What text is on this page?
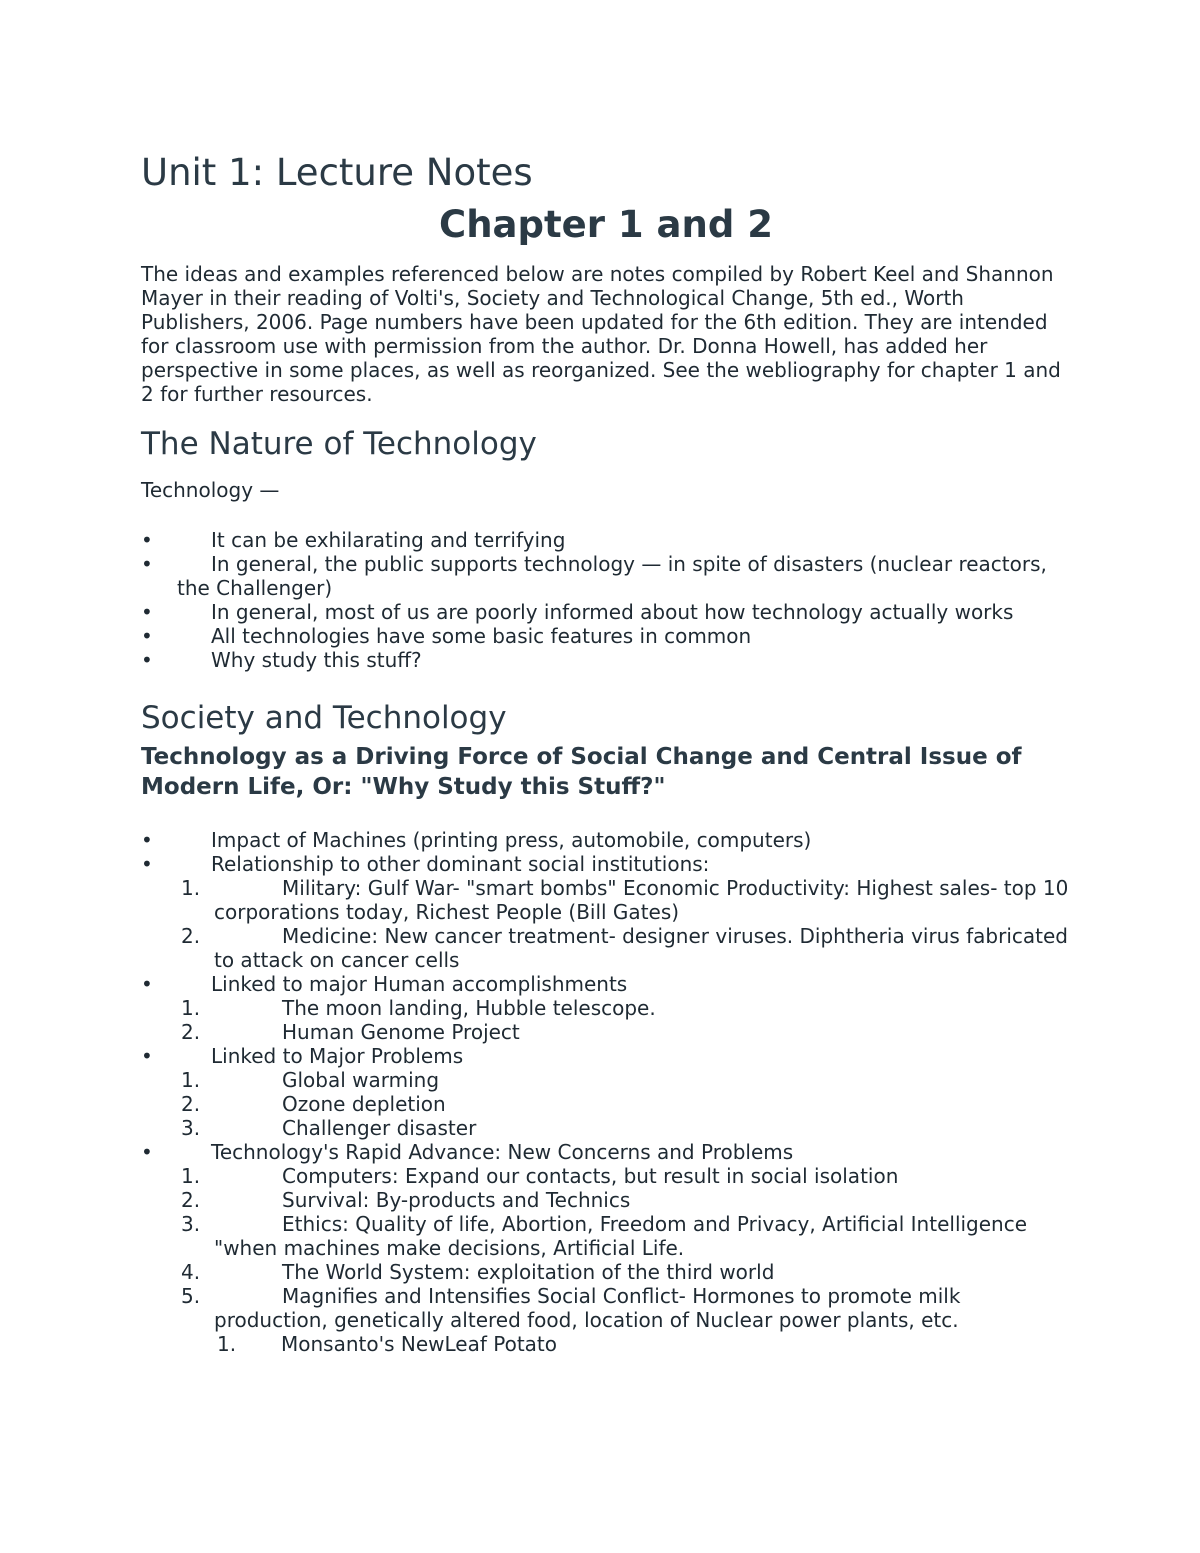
Unit 1: Lecture Notes
Chapter 1 and 2

The ideas and examples referenced below are notes compiled by Robert Keel and Shannon Mayer in their reading of Volti's, Society and Technological Change, 5th ed., Worth Publishers, 2006. Page numbers have been updated for the 6th edition. They are intended for classroom use with permission from the author. Dr. Donna Howell, has added her perspective in some places, as well as reorganized. See the webliography for chapter 1 and 2 for further resources.

The Nature of Technology

Technology —

•	It can be exhilarating and terrifying
•	In general, the public supports technology — in spite of disasters (nuclear reactors, the Challenger)
•	In general, most of us are poorly informed about how technology actually works
•	All technologies have some basic features in common
•	Why study this stuff?
Society and Technology
Technology as a Driving Force of Social Change and Central Issue of Modern Life, Or: "Why Study this Stuff?"
•	Impact of Machines (printing press, automobile, computers)
•	Relationship to other dominant social institutions:
1.	Military: Gulf War- "smart bombs" Economic Productivity: Highest sales- top 10 corporations today, Richest People (Bill Gates)
2.	Medicine: New cancer treatment- designer viruses. Diphtheria virus fabricated to attack on cancer cells
•	Linked to major Human accomplishments
1.	The moon landing, Hubble telescope.
2.	Human Genome Project
•	Linked to Major Problems
1.	Global warming
2.	Ozone depletion
3.	Challenger disaster
•	Technology's Rapid Advance: New Concerns and Problems
1.	Computers: Expand our contacts, but result in social isolation
2.	Survival: By-products and Technics
3.	Ethics: Quality of life, Abortion, Freedom and Privacy, Artificial Intelligence "when machines make decisions, Artificial Life.
4.	The World System: exploitation of the third world
5.	Magnifies and Intensifies Social Conflict- Hormones to promote milk production, genetically altered food, location of Nuclear power plants, etc.
1. Monsanto's NewLeaf Potato
